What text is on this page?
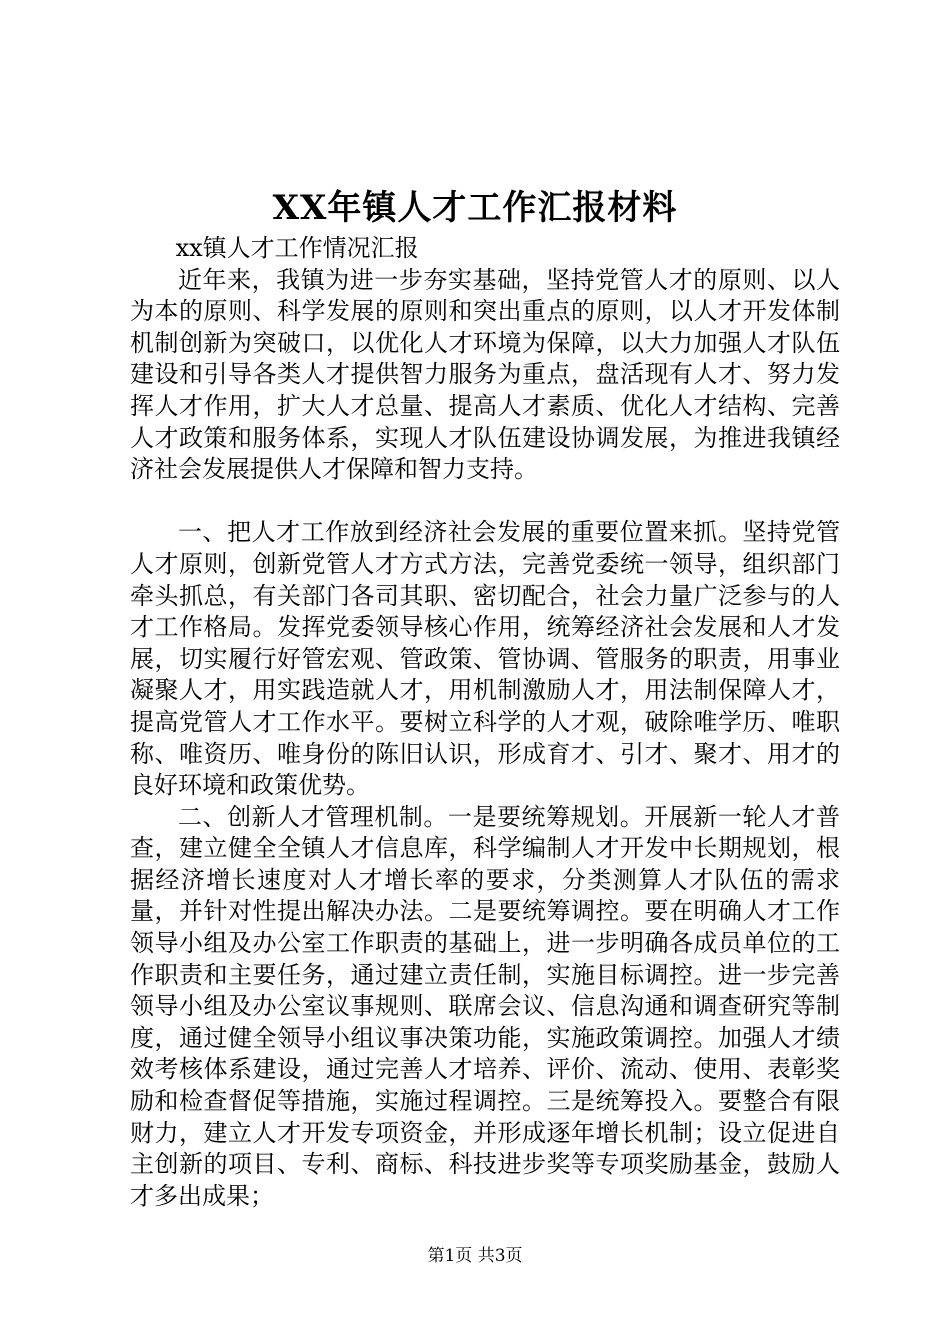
XX年镇人才工作汇报材料

xx镇人才工作情况汇报

近年来，我镇为进一步夯实基础，坚持党管人才的原则、以人为本的原则、科学发展的原则和突出重点的原则，以人才开发体制机制创新为突破口，以优化人才环境为保障，以大力加强人才队伍建设和引导各类人才提供智力服务为重点，盘活现有人才、努力发挥人才作用，扩大人才总量、提高人才素质、优化人才结构、完善人才政策和服务体系，实现人才队伍建设协调发展，为推进我镇经济社会发展提供人才保障和智力支持。

一、把人才工作放到经济社会发展的重要位置来抓。坚持党管人才原则，创新党管人才方式方法，完善党委统一领导，组织部门牵头抓总，有关部门各司其职、密切配合，社会力量广泛参与的人才工作格局。发挥党委领导核心作用，统筹经济社会发展和人才发展，切实履行好管宏观、管政策、管协调、管服务的职责，用事业凝聚人才，用实践造就人才，用机制激励人才，用法制保障人才，提高党管人才工作水平。要树立科学的人才观，破除唯学历、唯职称、唯资历、唯身份的陈旧认识，形成育才、引才、聚才、用才的良好环境和政策优势。

二、创新人才管理机制。一是要统筹规划。开展新一轮人才普查，建立健全全镇人才信息库，科学编制人才开发中长期规划，根据经济增长速度对人才增长率的要求，分类测算人才队伍的需求量，并针对性提出解决办法。二是要统筹调控。要在明确人才工作领导小组及办公室工作职责的基础上，进一步明确各成员单位的工作职责和主要任务，通过建立责任制，实施目标调控。进一步完善领导小组及办公室议事规则、联席会议、信息沟通和调查研究等制度，通过健全领导小组议事决策功能，实施政策调控。加强人才绩效考核体系建设，通过完善人才培养、评价、流动、使用、表彰奖励和检查督促等措施，实施过程调控。三是统筹投入。要整合有限财力，建立人才开发专项资金，并形成逐年增长机制；设立促进自主创新的项目、专利、商标、科技进步奖等专项奖励基金，鼓励人才多出成果；

第1页 共3页
